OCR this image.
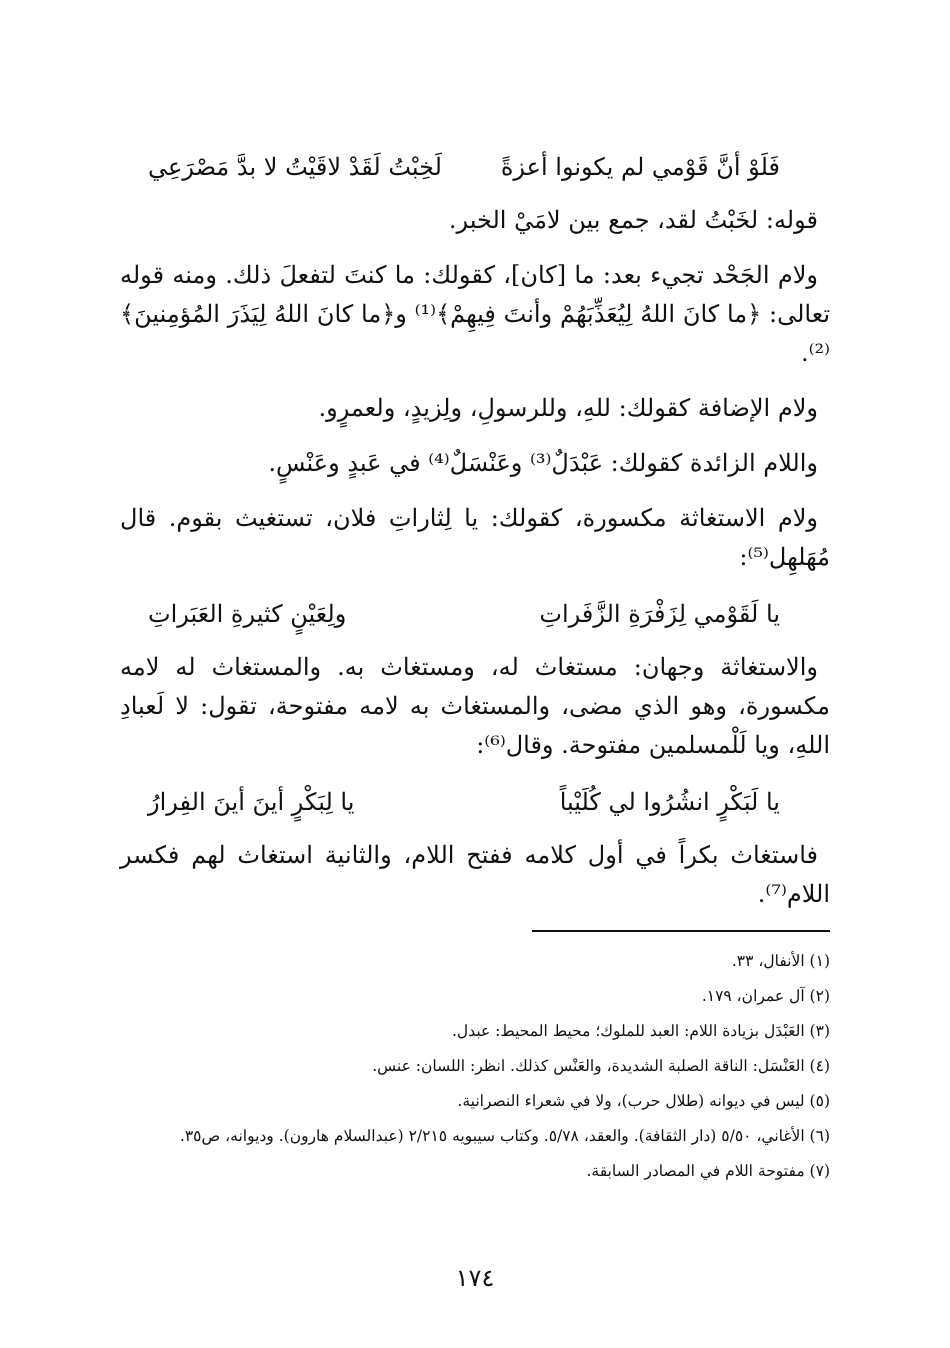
فَلَوْ أنَّ قَوْمي لم يكونوا أعزةً
لَخِبْتُ لَقَدْ لاقَيْتُ لا بدَّ مَصْرَعِي

قوله: لخَبْتُ لقد، جمع بين لامَيْ الخبر.

ولام الجَحْد تجيء بعد: ما [كان]، كقولك: ما كنتَ لتفعلَ ذلك. ومنه قوله تعالى: ﴿ما كانَ اللهُ لِيُعَذِّبَهُمْ وأنتَ فِيهِمْ﴾⁽¹⁾ و﴿ما كانَ اللهُ لِيَذَرَ المُؤمِنينَ﴾⁽²⁾.

ولام الإضافة كقولك: للهِ، وللرسولِ، ولِزيدٍ، ولعمرٍو.

واللام الزائدة كقولك: عَبْدَلٌ⁽³⁾ وعَنْسَلٌ⁽⁴⁾ في عَبدٍ وعَنْسٍ.

ولام الاستغاثة مكسورة، كقولك: يا لِثاراتِ فلان، تستغيث بقوم. قال مُهَلهِل⁽⁵⁾:

يا لَقَوْمي لِزَفْرَةِ الزَّفَراتِ
ولِعَيْنٍ كثيرةِ العَبَراتِ

والاستغاثة وجهان: مستغاث له، ومستغاث به. والمستغاث له لامه مكسورة، وهو الذي مضى، والمستغاث به لامه مفتوحة، تقول: لا لَعبادِ اللهِ، ويا لَلْمسلمين مفتوحة. وقال⁽⁶⁾:

يا لَبَكْرٍ انشُرُوا لي كُلَيْباً
يا لِبَكْرٍ أينَ أينَ الفِرارُ

فاستغاث بكراً في أول كلامه ففتح اللام، والثانية استغاث لهم فكسر اللام⁽⁷⁾.

(١) الأنفال، ٣٣.

(٢) آل عمران، ١٧٩.

(٣) العَبْدَل بزيادة اللام: العبد للملوك؛ محيط المحيط: عبدل.

(٤) العَنْسَل: الناقة الصلبة الشديدة، والعَنْس كذلك. انظر: اللسان: عنس.

(٥) ليس في ديوانه (طلال حرب)، ولا في شعراء النصرانية.

(٦) الأغاني، ٥/٥٠ (دار الثقافة). والعقد، ٥/٧٨. وكتاب سيبويه ٢/٢١٥ (عبدالسلام هارون). وديوانه، ص٣٥.

(٧) مفتوحة اللام في المصادر السابقة.

١٧٤
